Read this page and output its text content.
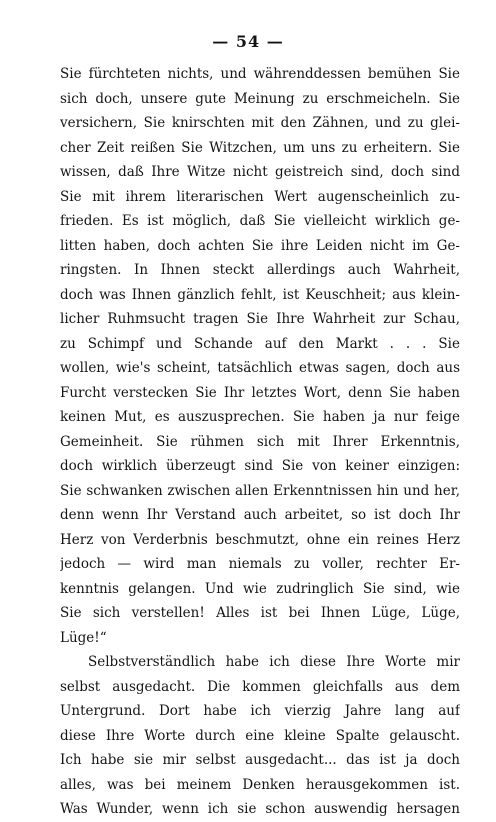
— 54 —
Sie fürchteten nichts, und währenddessen bemühen Sie
sich doch, unsere gute Meinung zu erschmeicheln. Sie
versichern, Sie knirschten mit den Zähnen, und zu glei-
cher Zeit reißen Sie Witzchen, um uns zu erheitern. Sie
wissen, daß Ihre Witze nicht geistreich sind, doch sind
Sie mit ihrem literarischen Wert augenscheinlich zu-
frieden. Es ist möglich, daß Sie vielleicht wirklich ge-
litten haben, doch achten Sie ihre Leiden nicht im Ge-
ringsten. In Ihnen steckt allerdings auch Wahrheit,
doch was Ihnen gänzlich fehlt, ist Keuschheit; aus klein-
licher Ruhmsucht tragen Sie Ihre Wahrheit zur Schau,
zu Schimpf und Schande auf den Markt . . . Sie
wollen, wie's scheint, tatsächlich etwas sagen, doch aus
Furcht verstecken Sie Ihr letztes Wort, denn Sie haben
keinen Mut, es auszusprechen. Sie haben ja nur feige
Gemeinheit. Sie rühmen sich mit Ihrer Erkenntnis,
doch wirklich überzeugt sind Sie von keiner einzigen:
Sie schwanken zwischen allen Erkenntnissen hin und her,
denn wenn Ihr Verstand auch arbeitet, so ist doch Ihr
Herz von Verderbnis beschmutzt, ohne ein reines Herz
jedoch — wird man niemals zu voller, rechter Er-
kenntnis gelangen. Und wie zudringlich Sie sind, wie
Sie sich verstellen! Alles ist bei Ihnen Lüge, Lüge,
Lüge!“
Selbstverständlich habe ich diese Ihre Worte mir
selbst ausgedacht. Die kommen gleichfalls aus dem
Untergrund. Dort habe ich vierzig Jahre lang auf
diese Ihre Worte durch eine kleine Spalte gelauscht.
Ich habe sie mir selbst ausgedacht... das ist ja doch
alles, was bei meinem Denken herausgekommen ist.
Was Wunder, wenn ich sie schon auswendig hersagen
